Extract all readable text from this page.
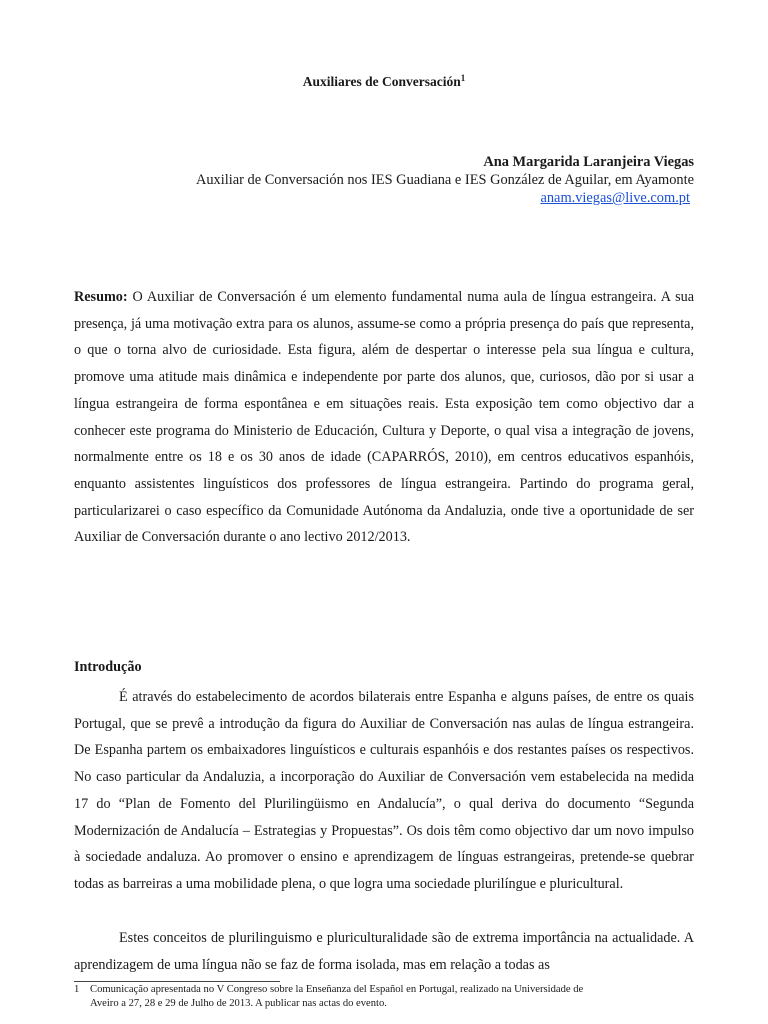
Auxiliares de Conversación$^1$
Ana Margarida Laranjeira Viegas
Auxiliar de Conversación nos IES Guadiana e IES González de Aguilar, em Ayamonte
anam.viegas@live.com.pt

Resumo: O Auxiliar de Conversación é um elemento fundamental numa aula de língua estrangeira. A sua presença, já uma motivação extra para os alunos, assume-se como a própria presença do país que representa, o que o torna alvo de curiosidade. Esta figura, além de despertar o interesse pela sua língua e cultura, promove uma atitude mais dinâmica e independente por parte dos alunos, que, curiosos, dão por si usar a língua estrangeira de forma espontânea e em situações reais. Esta exposição tem como objectivo dar a conhecer este programa do Ministerio de Educación, Cultura y Deporte, o qual visa a integração de jovens, normalmente entre os 18 e os 30 anos de idade (CAPARRÓS, 2010), em centros educativos espanhóis, enquanto assistentes linguísticos dos professores de língua estrangeira. Partindo do programa geral, particularizarei o caso específico da Comunidade Autónoma da Andaluzia, onde tive a oportunidade de ser Auxiliar de Conversación durante o ano lectivo 2012/2013.

Introdução

É através do estabelecimento de acordos bilaterais entre Espanha e alguns países, de entre os quais Portugal, que se prevê a introdução da figura do Auxiliar de Conversación nas aulas de língua estrangeira. De Espanha partem os embaixadores linguísticos e culturais espanhóis e dos restantes países os respectivos. No caso particular da Andaluzia, a incorporação do Auxiliar de Conversación vem estabelecida na medida 17 do “Plan de Fomento del Plurilingüismo en Andalucía”, o qual deriva do documento “Segunda Modernización de Andalucía – Estrategias y Propuestas”. Os dois têm como objectivo dar um novo impulso à sociedade andaluza. Ao promover o ensino e aprendizagem de línguas estrangeiras, pretende-se quebrar todas as barreiras a uma mobilidade plena, o que logra uma sociedade plurilíngue e pluricultural.

Estes conceitos de plurilinguismo e pluriculturalidade são de extrema importância na actualidade. A aprendizagem de uma língua não se faz de forma isolada, mas em relação a todas as

1 Comunicação apresentada no V Congreso sobre la Enseñanza del Español en Portugal, realizado na Universidade de
Aveiro a 27, 28 e 29 de Julho de 2013. A publicar nas actas do evento.
